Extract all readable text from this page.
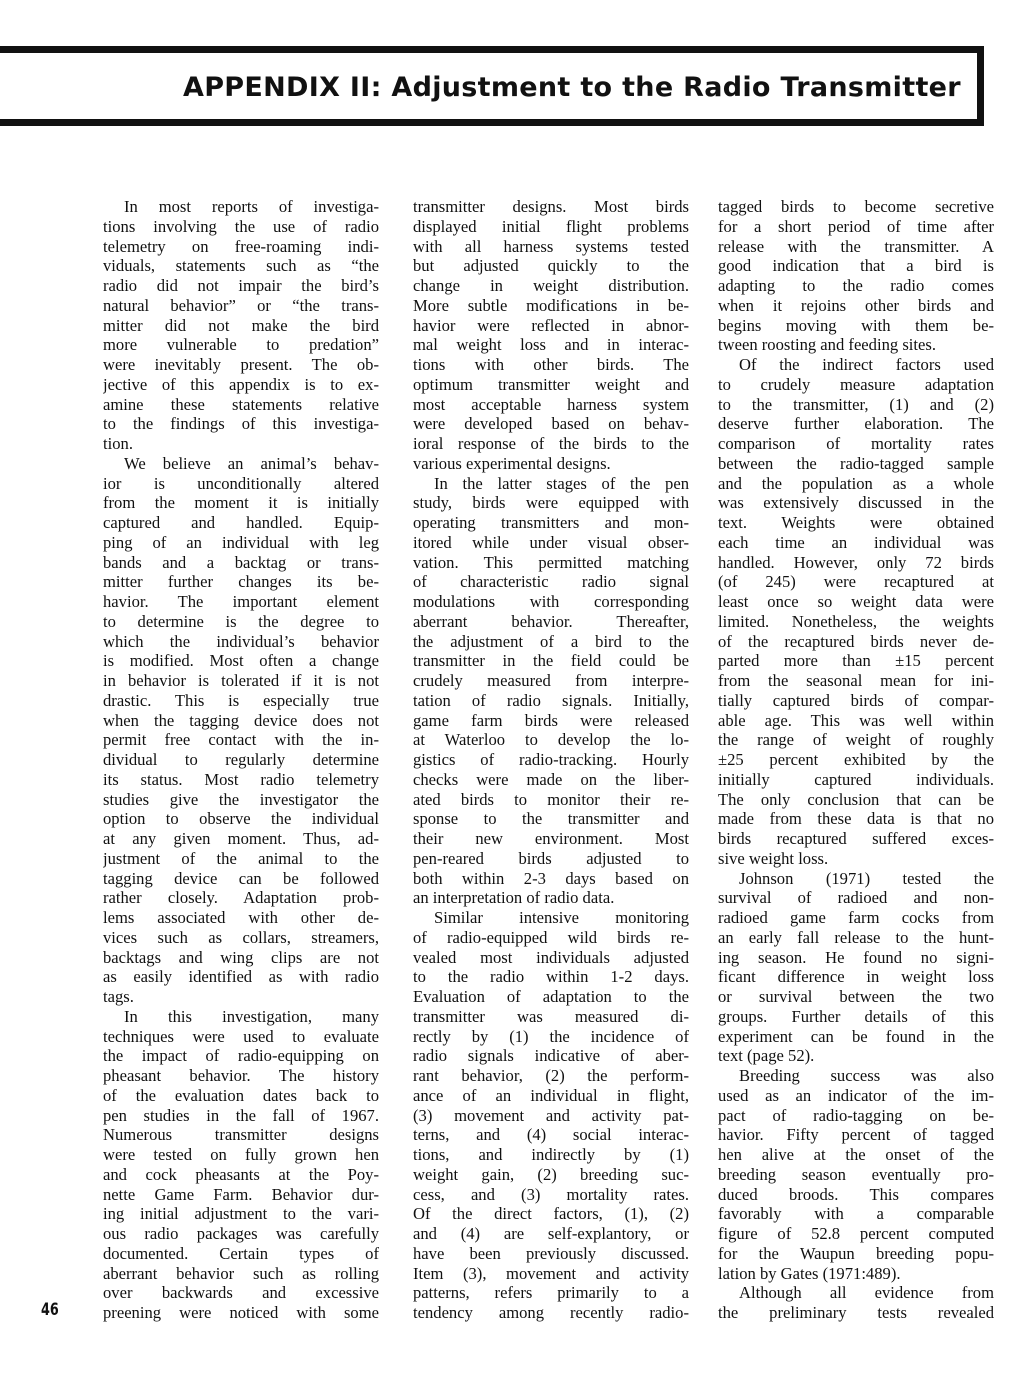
APPENDIX II: Adjustment to the Radio Transmitter
In most reports of investiga-
tions involving the use of radio
telemetry on free-roaming indi-
viduals, statements such as “the
radio did not impair the bird’s
natural behavior” or “the trans-
mitter did not make the bird
more vulnerable to predation”
were inevitably present. The ob-
jective of this appendix is to ex-
amine these statements relative
to the findings of this investiga-
tion.
We believe an animal’s behav-
ior is unconditionally altered
from the moment it is initially
captured and handled. Equip-
ping of an individual with leg
bands and a backtag or trans-
mitter further changes its be-
havior. The important element
to determine is the degree to
which the individual’s behavior
is modified. Most often a change
in behavior is tolerated if it is not
drastic. This is especially true
when the tagging device does not
permit free contact with the in-
dividual to regularly determine
its status. Most radio telemetry
studies give the investigator the
option to observe the individual
at any given moment. Thus, ad-
justment of the animal to the
tagging device can be followed
rather closely. Adaptation prob-
lems associated with other de-
vices such as collars, streamers,
backtags and wing clips are not
as easily identified as with radio
tags.
In this investigation, many
techniques were used to evaluate
the impact of radio-equipping on
pheasant behavior. The history
of the evaluation dates back to
pen studies in the fall of 1967.
Numerous transmitter designs
were tested on fully grown hen
and cock pheasants at the Poy-
nette Game Farm. Behavior dur-
ing initial adjustment to the vari-
ous radio packages was carefully
documented. Certain types of
aberrant behavior such as rolling
over backwards and excessive
preening were noticed with some
transmitter designs. Most birds
displayed initial flight problems
with all harness systems tested
but adjusted quickly to the
change in weight distribution.
More subtle modifications in be-
havior were reflected in abnor-
mal weight loss and in interac-
tions with other birds. The
optimum transmitter weight and
most acceptable harness system
were developed based on behav-
ioral response of the birds to the
various experimental designs.
In the latter stages of the pen
study, birds were equipped with
operating transmitters and mon-
itored while under visual obser-
vation. This permitted matching
of characteristic radio signal
modulations with corresponding
aberrant behavior. Thereafter,
the adjustment of a bird to the
transmitter in the field could be
crudely measured from interpre-
tation of radio signals. Initially,
game farm birds were released
at Waterloo to develop the lo-
gistics of radio-tracking. Hourly
checks were made on the liber-
ated birds to monitor their re-
sponse to the transmitter and
their new environment. Most
pen-reared birds adjusted to
both within 2-3 days based on
an interpretation of radio data.
Similar intensive monitoring
of radio-equipped wild birds re-
vealed most individuals adjusted
to the radio within 1-2 days.
Evaluation of adaptation to the
transmitter was measured di-
rectly by (1) the incidence of
radio signals indicative of aber-
rant behavior, (2) the perform-
ance of an individual in flight,
(3) movement and activity pat-
terns, and (4) social interac-
tions, and indirectly by (1)
weight gain, (2) breeding suc-
cess, and (3) mortality rates.
Of the direct factors, (1), (2)
and (4) are self-explantory, or
have been previously discussed.
Item (3), movement and activity
patterns, refers primarily to a
tendency among recently radio-
tagged birds to become secretive
for a short period of time after
release with the transmitter. A
good indication that a bird is
adapting to the radio comes
when it rejoins other birds and
begins moving with them be-
tween roosting and feeding sites.
Of the indirect factors used
to crudely measure adaptation
to the transmitter, (1) and (2)
deserve further elaboration. The
comparison of mortality rates
between the radio-tagged sample
and the population as a whole
was extensively discussed in the
text. Weights were obtained
each time an individual was
handled. However, only 72 birds
(of 245) were recaptured at
least once so weight data were
limited. Nonetheless, the weights
of the recaptured birds never de-
parted more than ±15 percent
from the seasonal mean for ini-
tially captured birds of compar-
able age. This was well within
the range of weight of roughly
±25 percent exhibited by the
initially captured individuals.
The only conclusion that can be
made from these data is that no
birds recaptured suffered exces-
sive weight loss.
Johnson (1971) tested the
survival of radioed and non-
radioed game farm cocks from
an early fall release to the hunt-
ing season. He found no signi-
ficant difference in weight loss
or survival between the two
groups. Further details of this
experiment can be found in the
text (page 52).
Breeding success was also
used as an indicator of the im-
pact of radio-tagging on be-
havior. Fifty percent of tagged
hen alive at the onset of the
breeding season eventually pro-
duced broods. This compares
favorably with a comparable
figure of 52.8 percent computed
for the Waupun breeding popu-
lation by Gates (1971:489).
Although all evidence from
the preliminary tests revealed
46
